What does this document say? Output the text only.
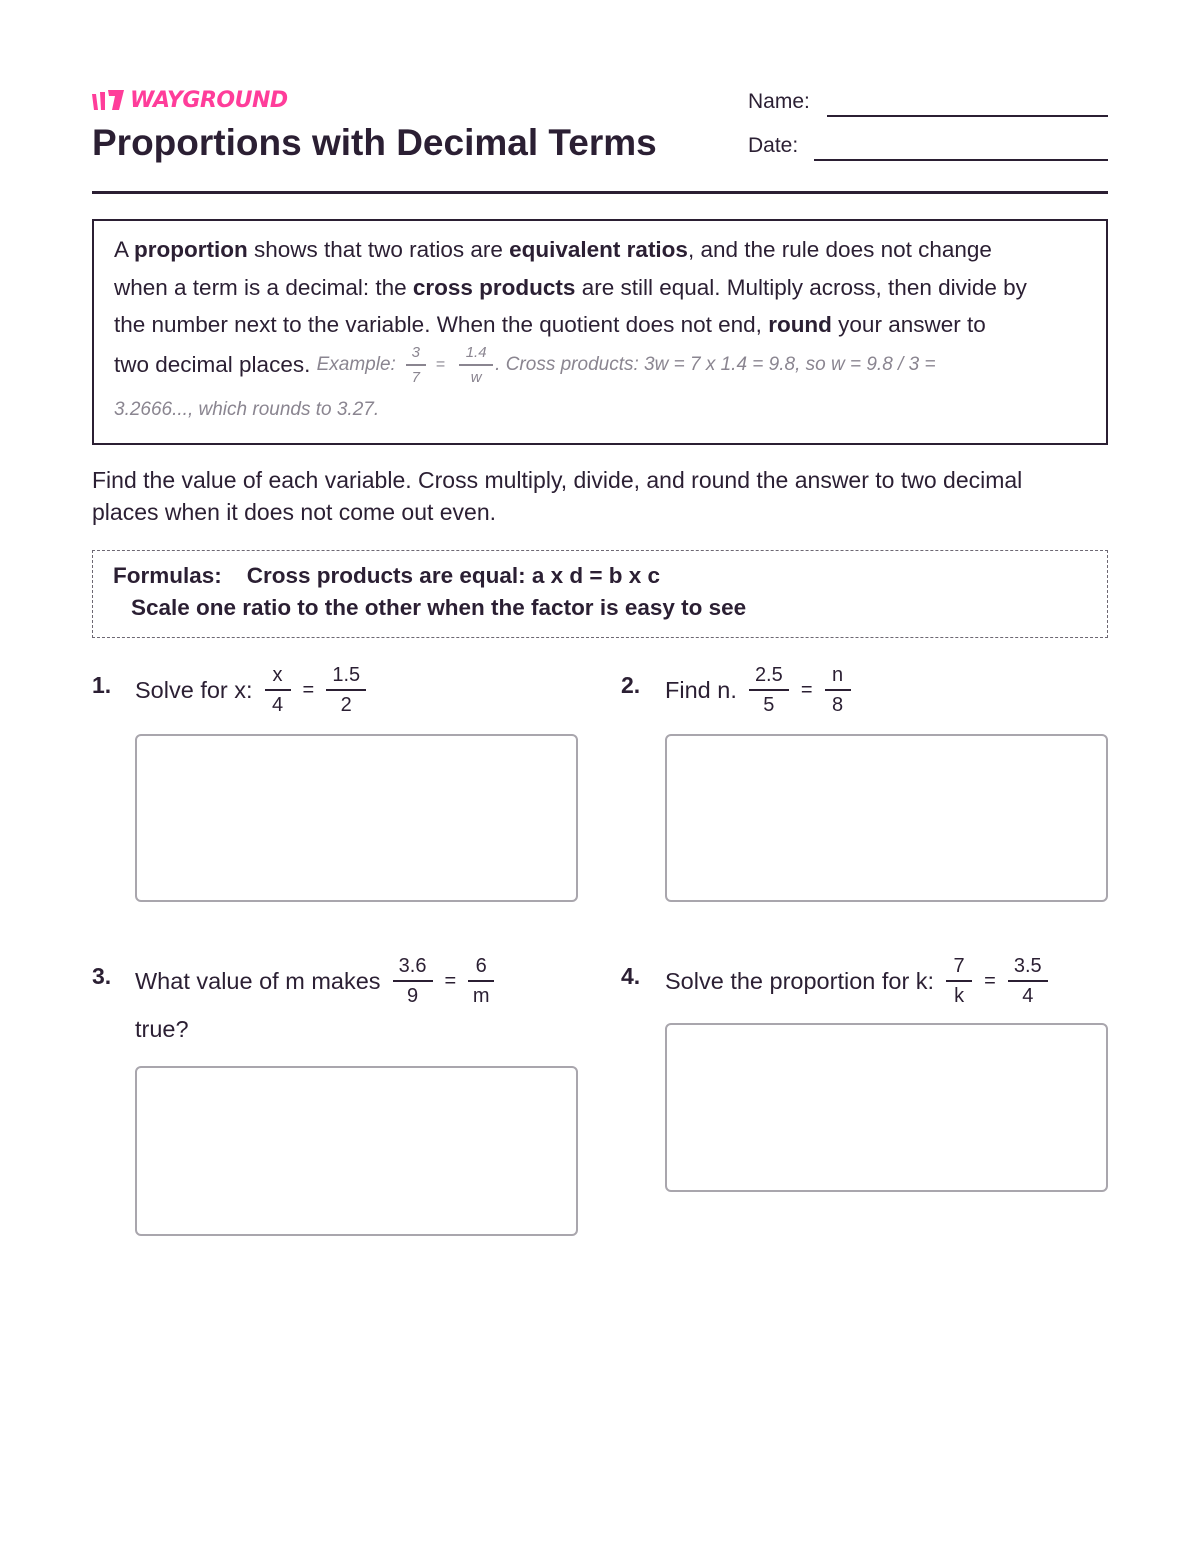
WAYGROUND
Proportions with Decimal Terms
Name:
Date:
A proportion shows that two ratios are equivalent ratios, and the rule does not change
when a term is a decimal: the cross products are still equal. Multiply across, then divide by
the number next to the variable. When the quotient does not end, round your answer to
two decimal places.
Example: $\frac{3}{7} = \frac{1.4}{w}$ . Cross products: 3w = 7 x 1.4 = 9.8, so w = 9.8 / 3 =
3.2666..., which rounds to 3.27.
Find the value of each variable. Cross multiply, divide, and round the answer to two decimal places when it does not come out even.
Formulas: Cross products are equal: a x d = b x c
Scale one ratio to the other when the factor is easy to see
1. Solve for x: $\frac{x}{4} = \frac{1.5}{2}$	2. Find n. $\frac{2.5}{5} = \frac{n}{8}$
3. What value of m makes $\frac{3.6}{9} = \frac{6}{m}$
true?
4. Solve the proportion for k: $\frac{7}{k} = \frac{3.5}{4}$
